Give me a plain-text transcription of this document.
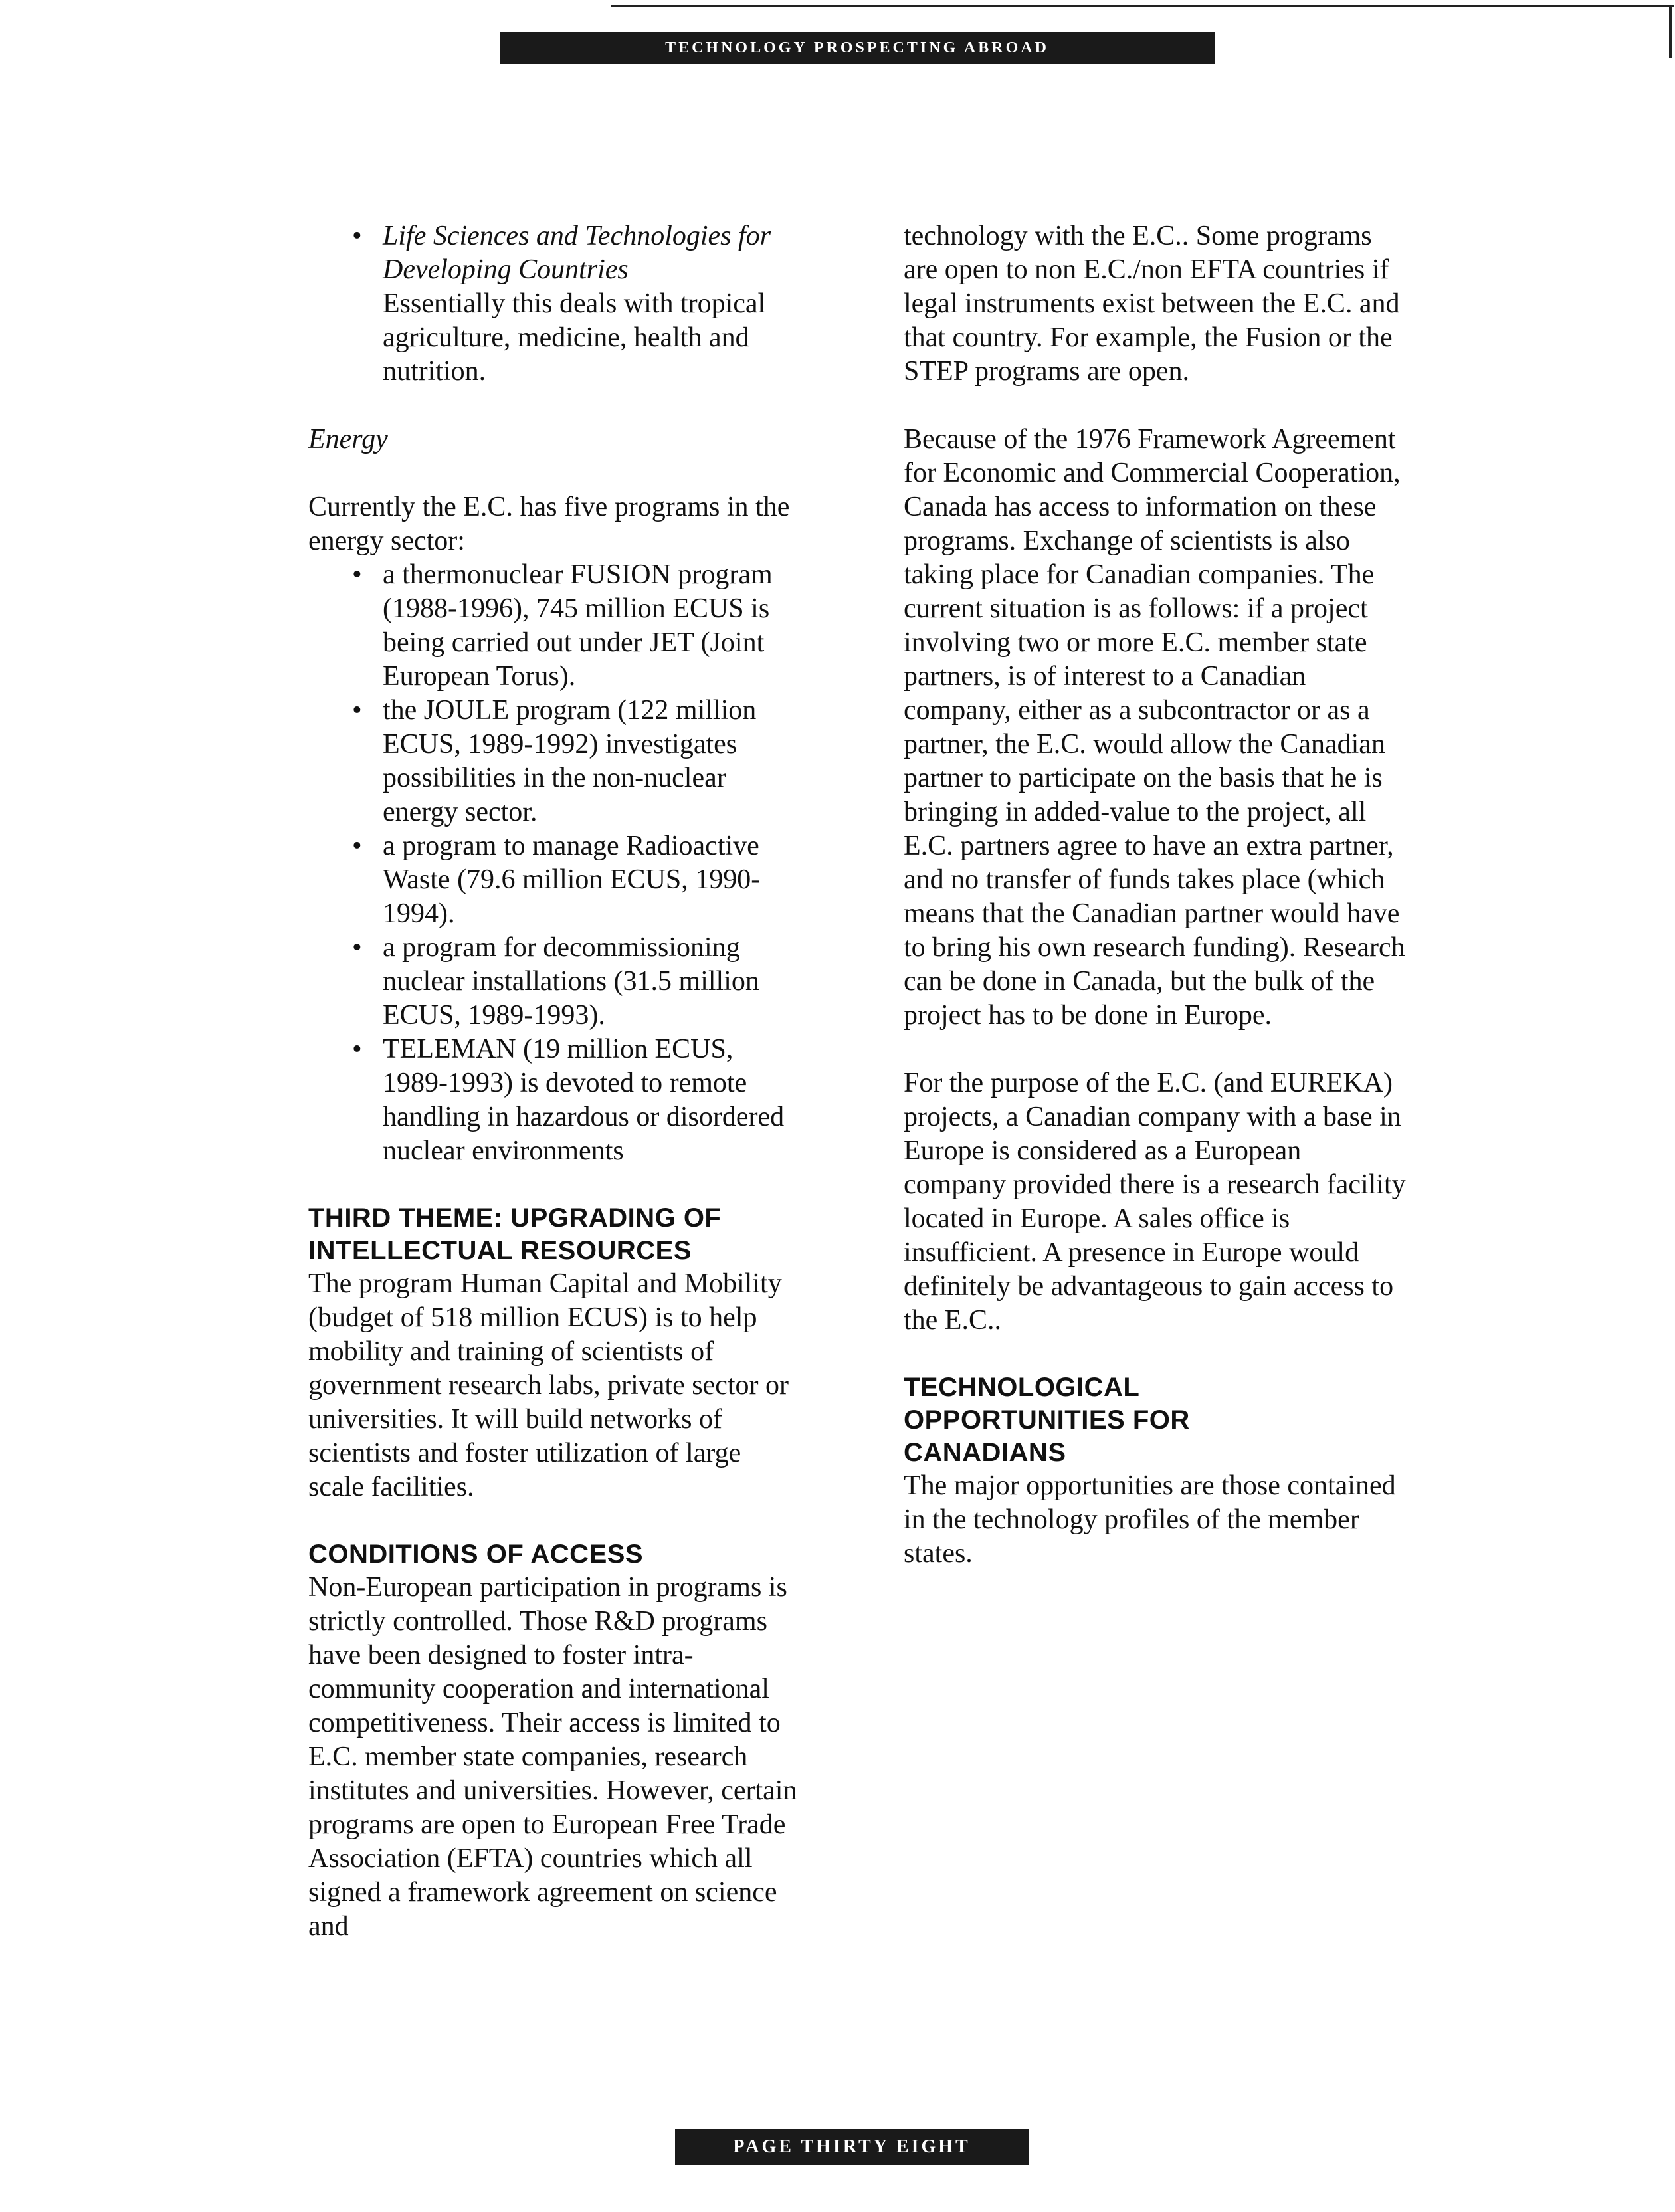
TECHNOLOGY PROSPECTING ABROAD
• Life Sciences and Technologies for

Developing Countries

Essentially this deals with tropical agriculture, medicine, health and nutrition.

Energy

Currently the E.C. has five programs in the energy sector:

• a thermonuclear FUSION program (1988-1996), 745 million ECUS is being carried out under JET (Joint European Torus).
• the JOULE program (122 million ECUS, 1989-1992) investigates possibilities in the non-nuclear energy sector.
• a program to manage Radioactive Waste (79.6 million ECUS, 1990-1994).
• a program for decommissioning nuclear installations (31.5 million ECUS, 1989-1993).
• TELEMAN (19 million ECUS, 1989-1993) is devoted to remote handling in hazardous or disordered nuclear environments

THIRD THEME: UPGRADING OF

INTELLECTUAL RESOURCES

The program Human Capital and Mobility (budget of 518 million ECUS) is to help mobility and training of scientists of government research labs, private sector or universities. It will build networks of scientists and foster utilization of large scale facilities.

CONDITIONS OF ACCESS

Non-European participation in programs is strictly controlled. Those R&D programs have been designed to foster intra-community cooperation and international competitiveness. Their access is limited to E.C. member state companies, research institutes and universities. However, certain programs are open to European Free Trade Association (EFTA) countries which all signed a framework agreement on science and

technology with the E.C.. Some programs are open to non E.C./non EFTA countries if legal instruments exist between the E.C. and that country. For example, the Fusion or the STEP programs are open.

Because of the 1976 Framework Agreement for Economic and Commercial Cooperation, Canada has access to information on these programs. Exchange of scientists is also taking place for Canadian companies. The current situation is as follows: if a project involving two or more E.C. member state partners, is of interest to a Canadian company, either as a subcontractor or as a partner, the E.C. would allow the Canadian partner to participate on the basis that he is bringing in added-value to the project, all E.C. partners agree to have an extra partner, and no transfer of funds takes place (which means that the Canadian partner would have to bring his own research funding). Research can be done in Canada, but the bulk of the project has to be done in Europe.

For the purpose of the E.C. (and EUREKA) projects, a Canadian company with a base in Europe is considered as a European company provided there is a research facility located in Europe. A sales office is insufficient. A presence in Europe would definitely be advantageous to gain access to the E.C..

TECHNOLOGICAL

OPPORTUNITIES FOR

CANADIANS

The major opportunities are those contained in the technology profiles of the member states.

PAGE THIRTY EIGHT
